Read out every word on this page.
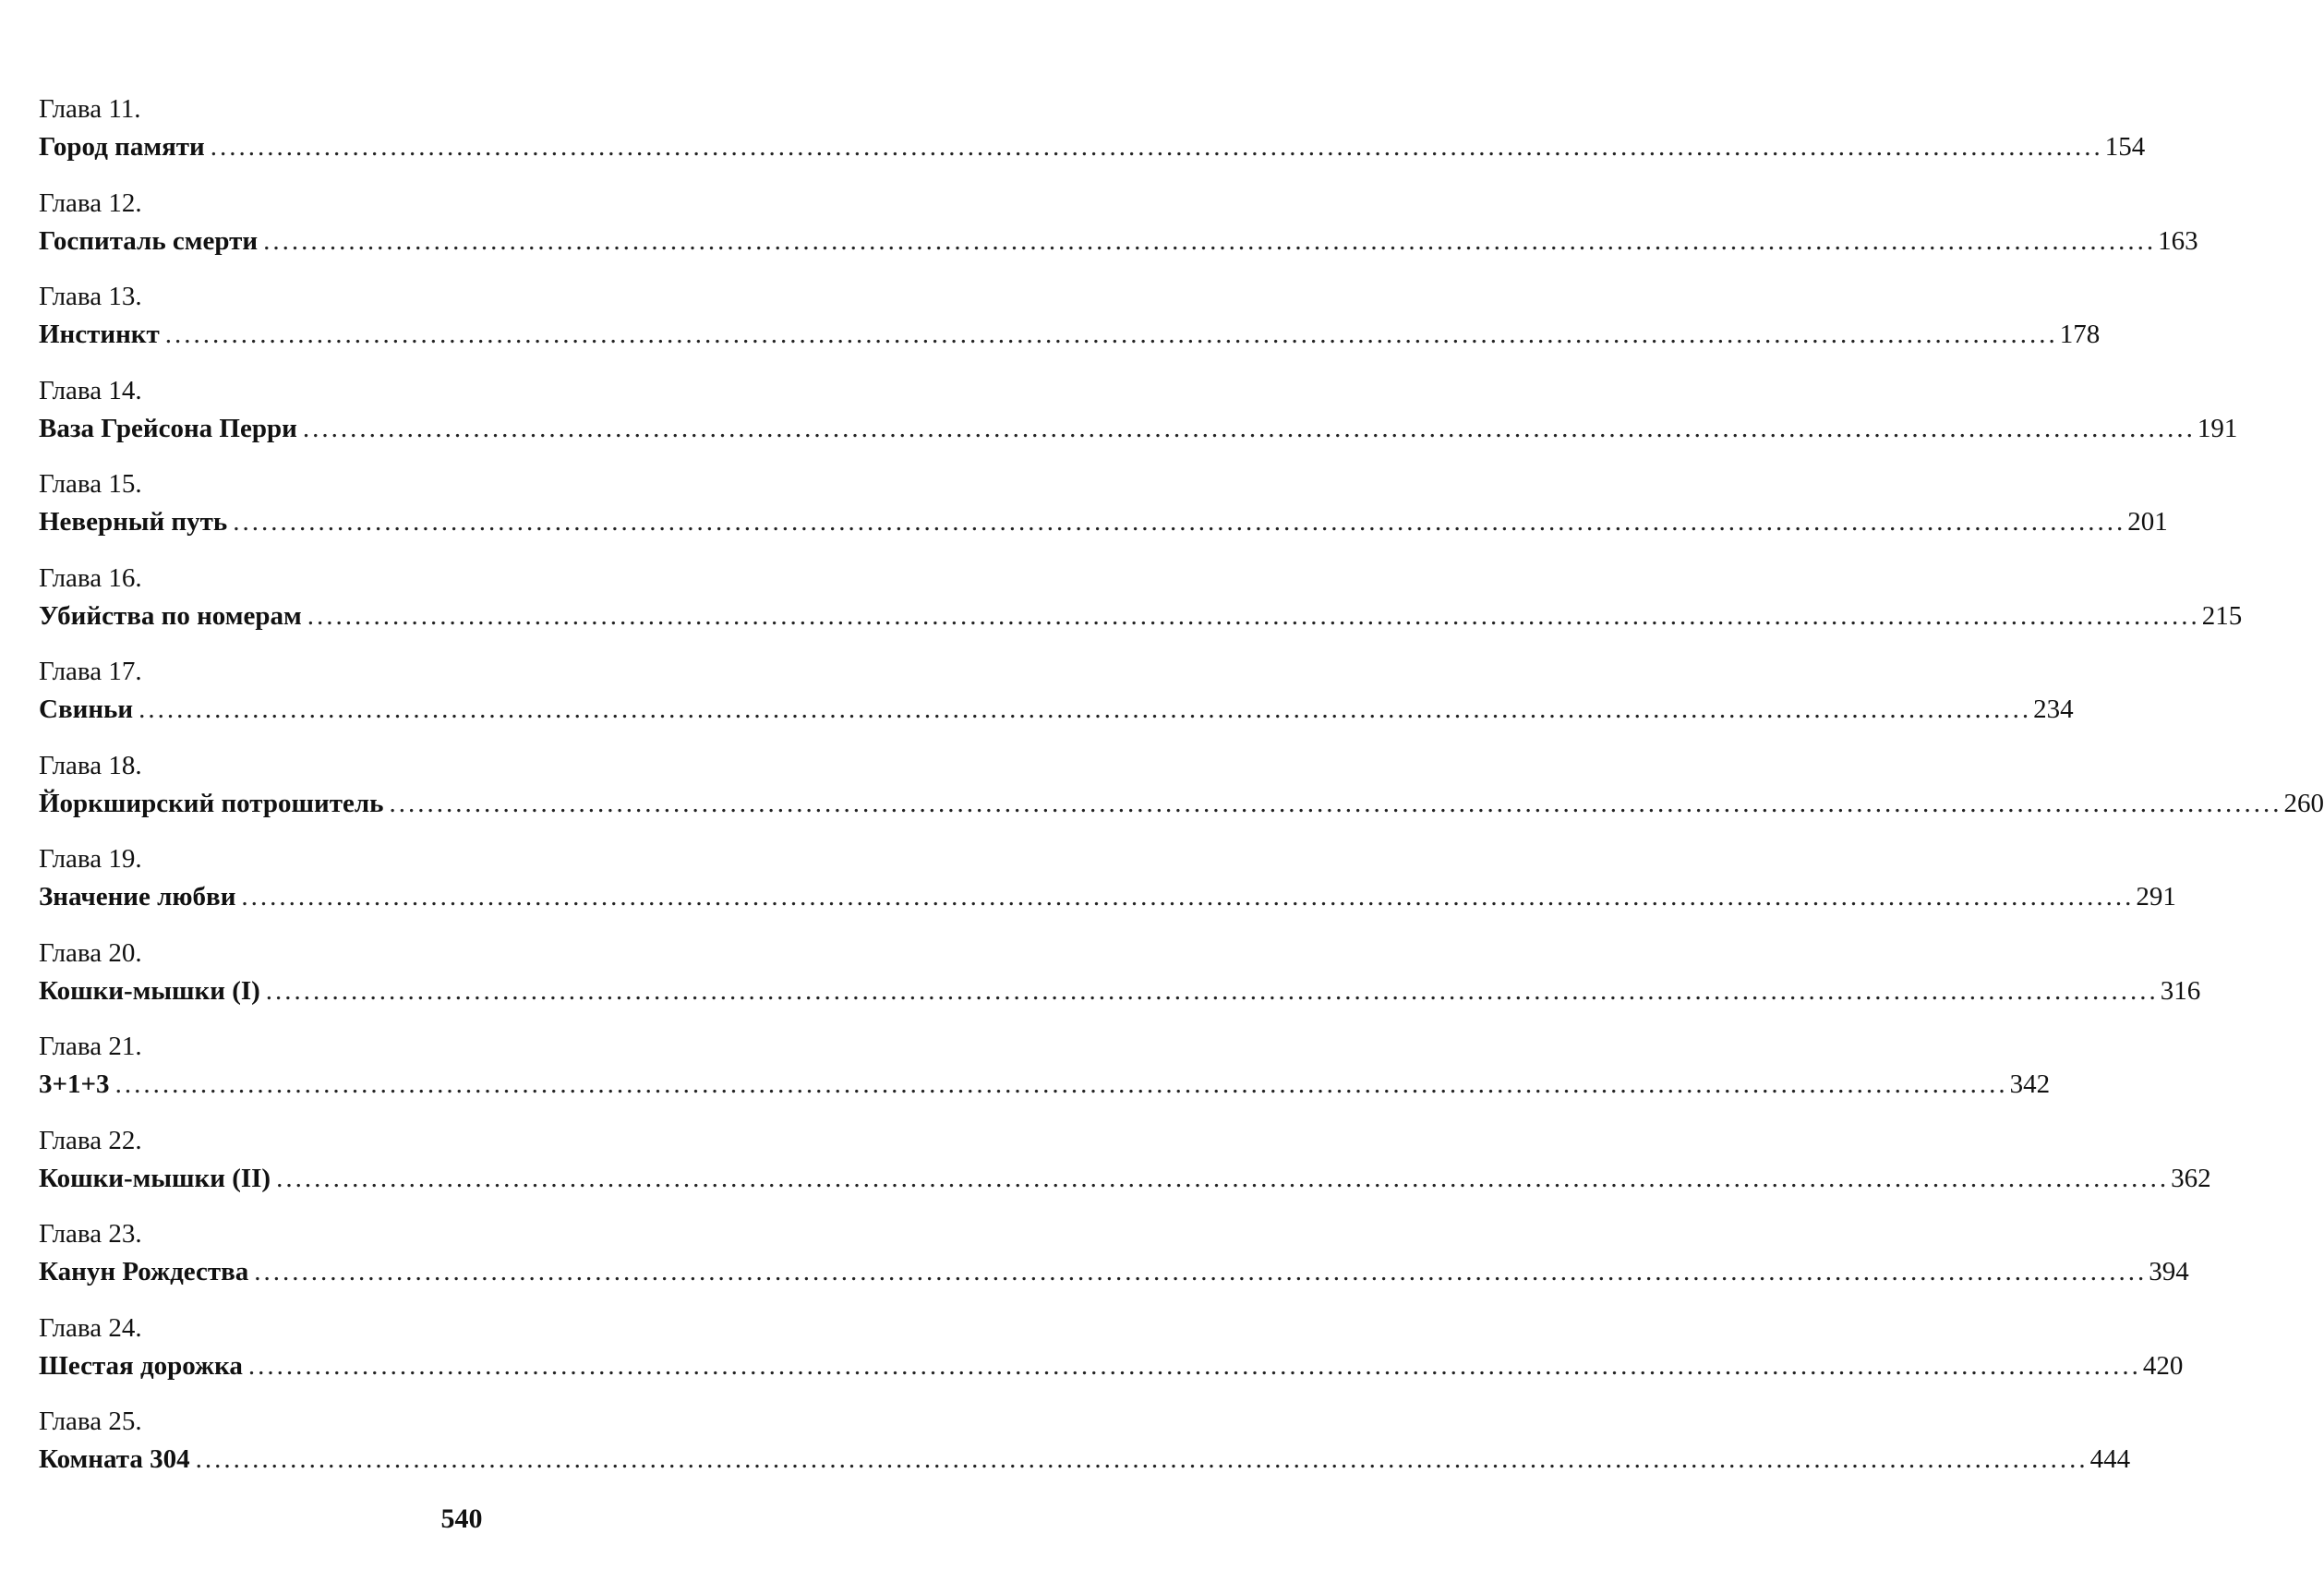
Глава 11.
Город памяти ........................................................................................................................................................................................................ 154
Глава 12.
Госпиталь смерти ........................................................................................................................................................................................................ 163
Глава 13.
Инстинкт ........................................................................................................................................................................................................ 178
Глава 14.
Ваза Грейсона Перри ........................................................................................................................................................................................................ 191
Глава 15.
Неверный путь ........................................................................................................................................................................................................ 201
Глава 16.
Убийства по номерам ........................................................................................................................................................................................................ 215
Глава 17.
Свиньи ........................................................................................................................................................................................................ 234
Глава 18.
Йоркширский потрошитель ........................................................................................................................................................................................................ 260
Глава 19.
Значение любви ........................................................................................................................................................................................................ 291
Глава 20.
Кошки-мышки (I) ........................................................................................................................................................................................................ 316
Глава 21.
3+1+3 ........................................................................................................................................................................................................ 342
Глава 22.
Кошки-мышки (II) ........................................................................................................................................................................................................ 362
Глава 23.
Канун Рождества ........................................................................................................................................................................................................ 394
Глава 24.
Шестая дорожка ........................................................................................................................................................................................................ 420
Глава 25.
Комната 304 ........................................................................................................................................................................................................ 444
540
